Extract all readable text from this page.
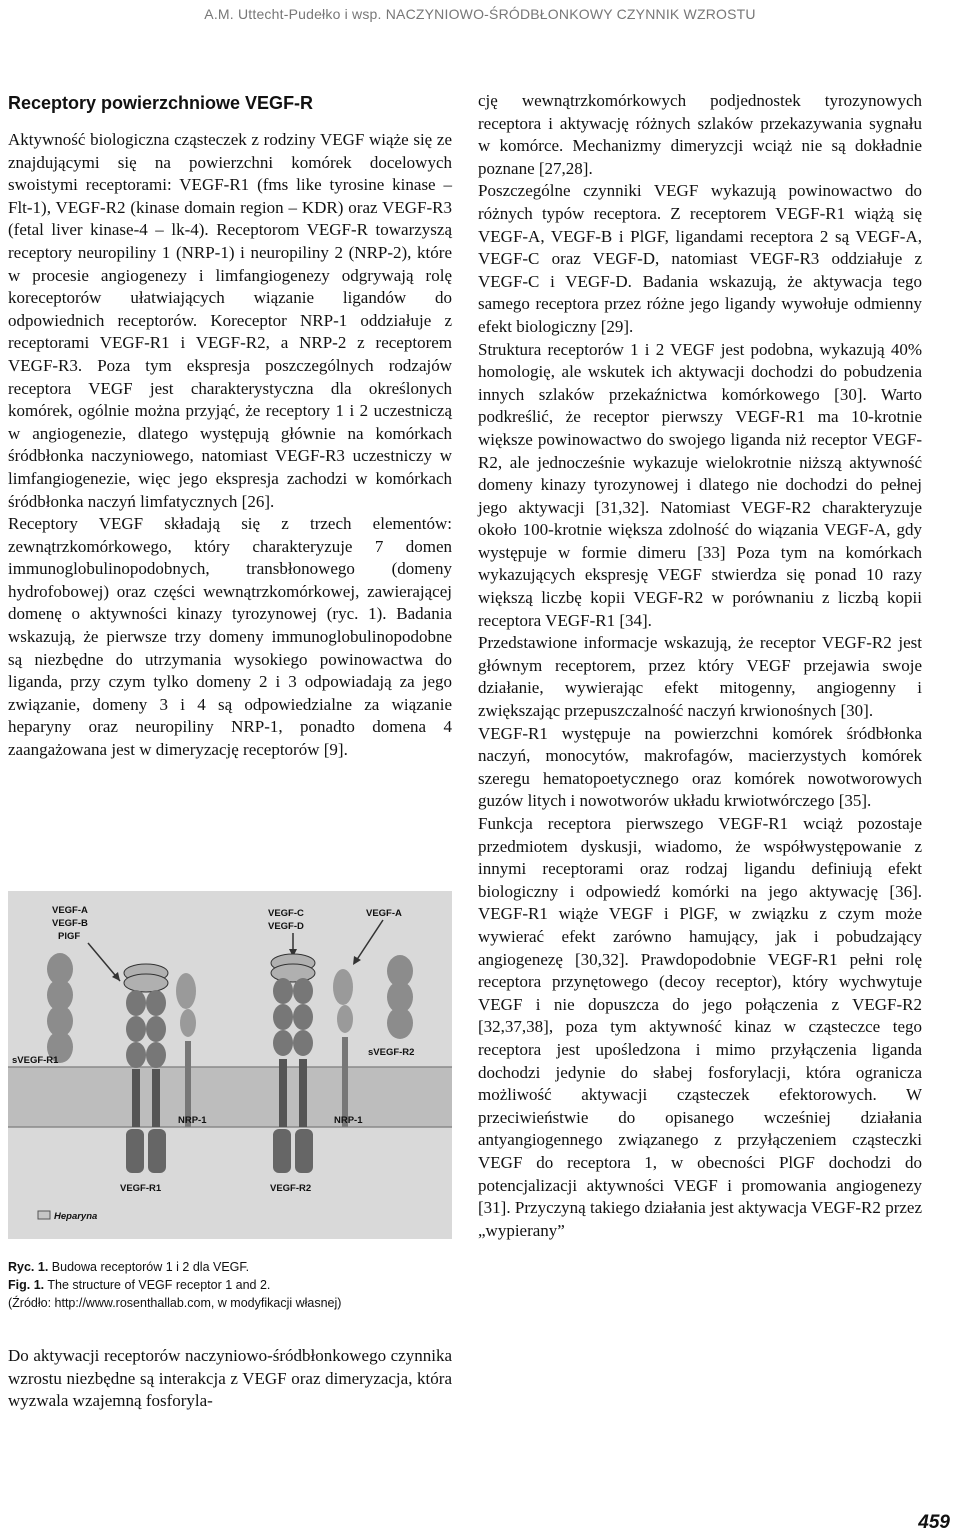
A.M. Uttecht-Pudełko i wsp. NACZYNIOWO-ŚRÓDBŁONKOWY CZYNNIK WZROSTU
Receptory powierzchniowe VEGF-R

Aktywność biologiczna cząsteczek z rodziny VEGF wiąże się ze znajdującymi się na powierzchni komórek docelowych swoistymi receptorami: VEGF-R1 (fms like tyrosine kinase – Flt-1), VEGF-R2 (kinase domain region – KDR) oraz VEGF-R3 (fetal liver kinase-4 – lk-4). Receptorom VEGF-R towarzyszą receptory neuropiliny 1 (NRP-1) i neuropiliny 2 (NRP-2), które w procesie angiogenezy i limfangiogenezy odgrywają rolę koreceptorów ułatwiających wiązanie ligandów do odpowiednich receptorów. Koreceptor NRP-1 oddziałuje z receptorami VEGF-R1 i VEGF-R2, a NRP-2 z receptorem VEGF-R3. Poza tym ekspresja poszczególnych rodzajów receptora VEGF jest charakterystyczna dla określonych komórek, ogólnie można przyjąć, że receptory 1 i 2 uczestniczą w angiogenezie, dlatego występują głównie na komórkach śródbłonka naczyniowego, natomiast VEGF-R3 uczestniczy w limfangiogenezie, więc jego ekspresja zachodzi w komórkach śródbłonka naczyń limfatycznych [26].

Receptory VEGF składają się z trzech elementów: zewnątrzkomórkowego, który charakteryzuje 7 domen immunoglobulinopodobnych, transbłonowego (domeny hydrofobowej) oraz części wewnątrzkomórkowej, zawierającej domenę o aktywności kinazy tyrozynowej (ryc. 1). Badania wskazują, że pierwsze trzy domeny immunoglobulinopodobne są niezbędne do utrzymania wysokiego powinowactwa do liganda, przy czym tylko domeny 2 i 3 odpowiadają za jego związanie, domeny 3 i 4 są odpowiedzialne za wiązanie heparyny oraz neuropiliny NRP-1, ponadto domena 4 zaangażowana jest w dimeryzację receptorów [9].

VEGF-A
VEGF-B
PlGF
VEGF-C
VEGF-D
VEGF-A
sVEGF-R1
NRP-1
VEGF-R1
NRP-1
VEGF-R2
sVEGF-R2
Heparyna
Ryc. 1. Budowa receptorów 1 i 2 dla VEGF.
Fig. 1. The structure of VEGF receptor 1 and 2.
(Źródło: http://www.rosenthallab.com, w modyfikacji własnej)

Do aktywacji receptorów naczyniowo-śródbłonkowego czynnika wzrostu niezbędne są interakcja z VEGF oraz dimeryzacja, która wyzwala wzajemną fosforyla-

cję wewnątrzkomórkowych podjednostek tyrozynowych receptora i aktywację różnych szlaków przekazywania sygnału w komórce. Mechanizmy dimeryzcji wciąż nie są dokładnie poznane [27,28].

Poszczególne czynniki VEGF wykazują powinowactwo do różnych typów receptora. Z receptorem VEGF-R1 wiążą się VEGF-A, VEGF-B i PlGF, ligandami receptora 2 są VEGF-A, VEGF-C oraz VEGF-D, natomiast VEGF-R3 oddziałuje z VEGF-C i VEGF-D. Badania wskazują, że aktywacja tego samego receptora przez różne jego ligandy wywołuje odmienny efekt biologiczny [29].

Struktura receptorów 1 i 2 VEGF jest podobna, wykazują 40% homologię, ale wskutek ich aktywacji dochodzi do pobudzenia innych szlaków przekaźnictwa komórkowego [30]. Warto podkreślić, że receptor pierwszy VEGF-R1 ma 10-krotnie większe powinowactwo do swojego liganda niż receptor VEGF-R2, ale jednocześnie wykazuje wielokrotnie niższą aktywność domeny kinazy tyrozynowej i dlatego nie dochodzi do pełnej jego aktywacji [31,32]. Natomiast VEGF-R2 charakteryzuje około 100-krotnie większa zdolność do wiązania VEGF-A, gdy występuje w formie dimeru [33] Poza tym na komórkach wykazujących ekspresję VEGF stwierdza się ponad 10 razy większą liczbę kopii VEGF-R2 w porównaniu z liczbą kopii receptora VEGF-R1 [34].

Przedstawione informacje wskazują, że receptor VEGF-R2 jest głównym receptorem, przez który VEGF przejawia swoje działanie, wywierając efekt mitogenny, angiogenny i zwiększając przepuszczalność naczyń krwionośnych [30].

VEGF-R1 występuje na powierzchni komórek śródbłonka naczyń, monocytów, makrofagów, macierzystych komórek szeregu hematopoetycznego oraz komórek nowotworowych guzów litych i nowotworów układu krwiotwórczego [35].

Funkcja receptora pierwszego VEGF-R1 wciąż pozostaje przedmiotem dyskusji, wiadomo, że współwystępowanie z innymi receptorami oraz rodzaj ligandu definiują efekt biologiczny i odpowiedź komórki na jego aktywację [36]. VEGF-R1 wiąże VEGF i PlGF, w związku z czym może wywierać efekt zarówno hamujący, jak i pobudzający angiogenezę [30,32]. Prawdopodobnie VEGF-R1 pełni rolę receptora przynętowego (decoy receptor), który wychwytuje VEGF i nie dopuszcza do jego połączenia z VEGF-R2 [32,37,38], poza tym aktywność kinaz w cząsteczce tego receptora jest upośledzona i mimo przyłączenia liganda dochodzi jedynie do słabej fosforylacji, która ogranicza możliwość aktywacji cząsteczek efektorowych. W przeciwieństwie do opisanego wcześniej działania antyangiogennego związanego z przyłączeniem cząsteczki VEGF do receptora 1, w obecności PlGF dochodzi do potencjalizacji aktywności VEGF i promowania angiogenezy [31]. Przyczyną takiego działania jest aktywacja VEGF-R2 przez „wypierany”

459
